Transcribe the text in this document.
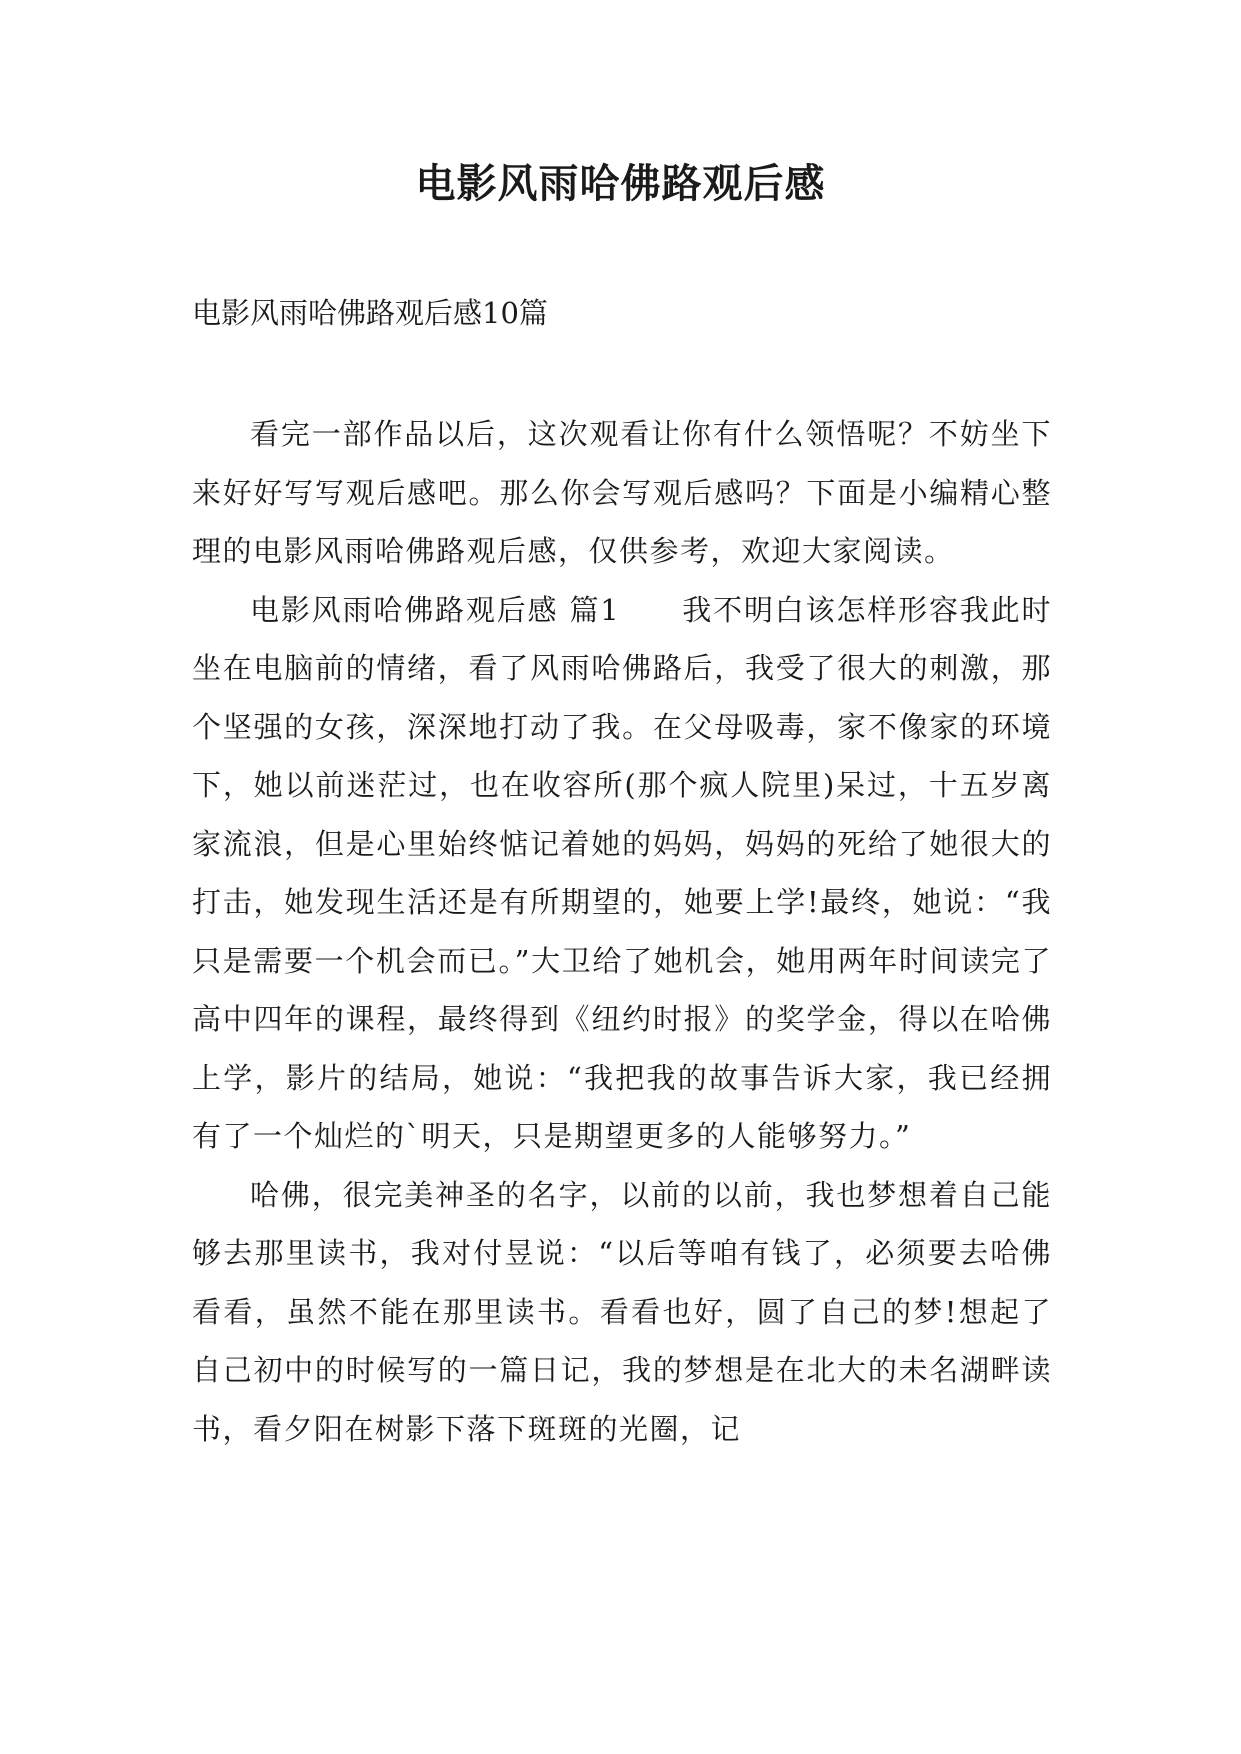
电影风雨哈佛路观后感

电影风雨哈佛路观后感10篇

看完一部作品以后，这次观看让你有什么领悟呢？不妨坐下来好好写写观后感吧。那么你会写观后感吗？下面是小编精心整理的电影风雨哈佛路观后感，仅供参考，欢迎大家阅读。

电影风雨哈佛路观后感 篇1　　我不明白该怎样形容我此时坐在电脑前的情绪，看了风雨哈佛路后，我受了很大的刺激，那个坚强的女孩，深深地打动了我。在父母吸毒，家不像家的环境下，她以前迷茫过，也在收容所(那个疯人院里)呆过，十五岁离家流浪，但是心里始终惦记着她的妈妈，妈妈的死给了她很大的打击，她发现生活还是有所期望的，她要上学!最终，她说：“我只是需要一个机会而已。”大卫给了她机会，她用两年时间读完了高中四年的课程，最终得到《纽约时报》的奖学金，得以在哈佛上学，影片的结局，她说：“我把我的故事告诉大家，我已经拥有了一个灿烂的`明天，只是期望更多的人能够努力。”

哈佛，很完美神圣的名字，以前的以前，我也梦想着自己能够去那里读书，我对付昱说：“以后等咱有钱了，必须要去哈佛看看，虽然不能在那里读书。看看也好，圆了自己的梦!想起了自己初中的时候写的一篇日记，我的梦想是在北大的未名湖畔读书，看夕阳在树影下落下斑斑的光圈，记
